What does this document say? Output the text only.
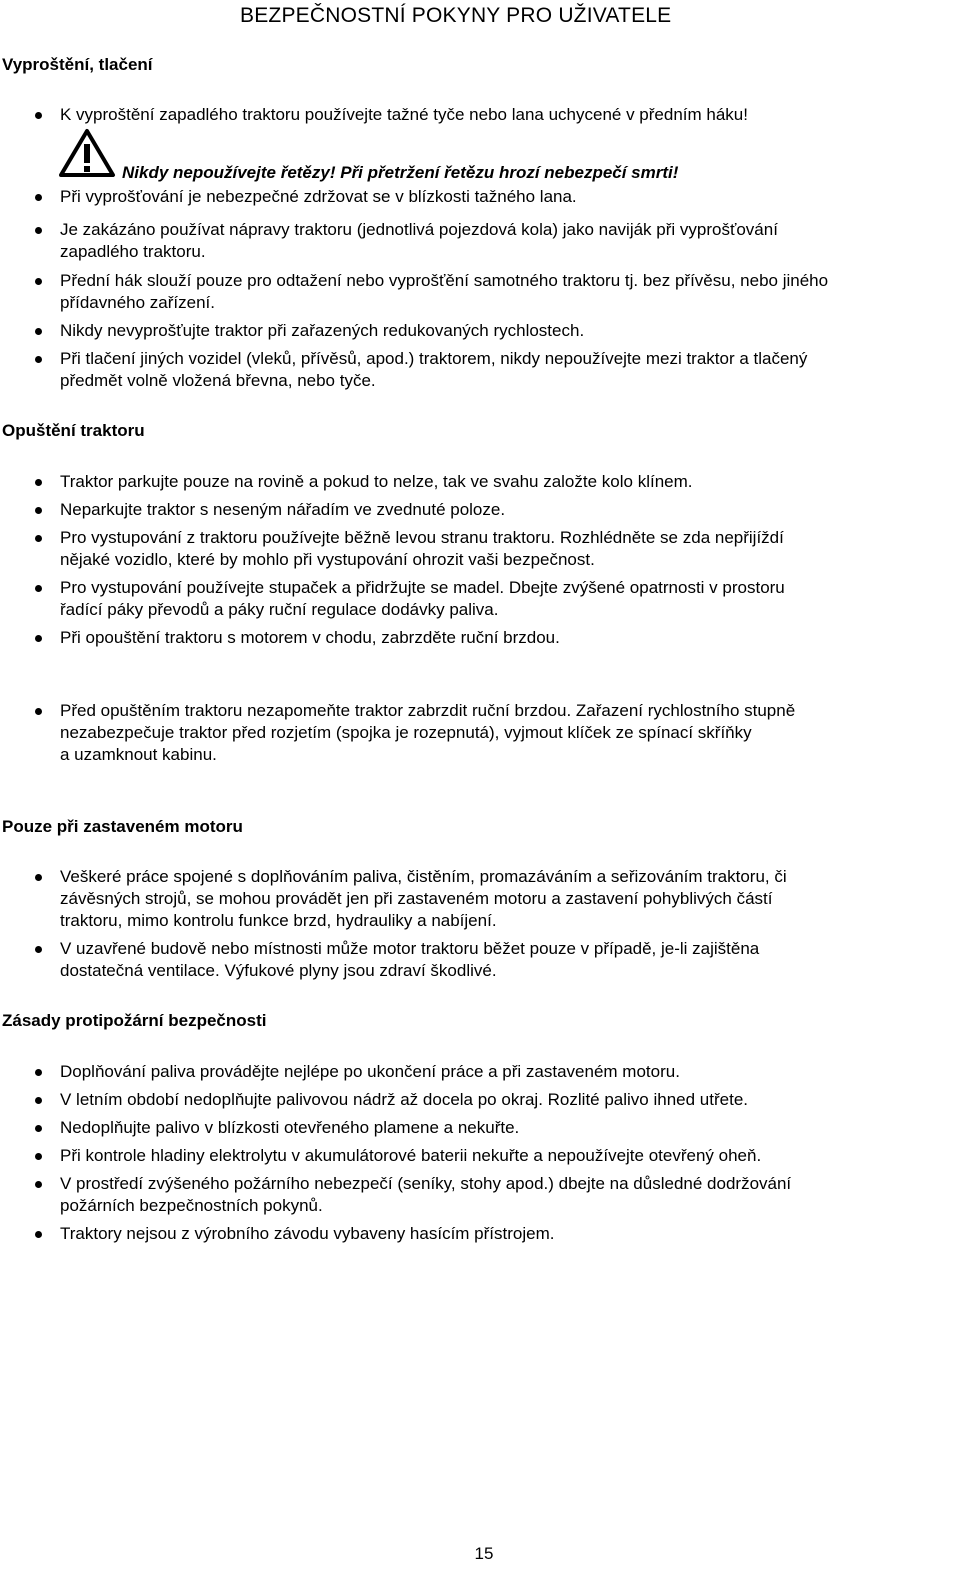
BEZPEČNOSTNÍ POKYNY PRO UŽIVATELE
Vyproštění, tlačení
K vyproštění zapadlého traktoru používejte tažné tyče nebo lana uchycené v předním háku!
Nikdy nepoužívejte řetězy! Při přetržení řetězu hrozí nebezpečí smrti!
Při vyprošťování je nebezpečné zdržovat se v blízkosti tažného lana.
Je zakázáno používat nápravy traktoru (jednotlivá pojezdová kola) jako naviják při vyprošťování
zapadlého traktoru.
Přední hák slouží pouze pro odtažení nebo vyprošťění samotného traktoru tj. bez přívěsu, nebo jiného
přídavného zařízení.
Nikdy nevyprošťujte traktor při zařazených redukovaných rychlostech.
Při tlačení jiných vozidel (vleků, přívěsů, apod.) traktorem, nikdy nepoužívejte mezi traktor a tlačený
předmět volně vložená břevna, nebo tyče.
Opuštění traktoru
Traktor parkujte pouze na rovině a pokud to nelze, tak ve svahu založte kolo klínem.
Neparkujte traktor s neseným nářadím ve zvednuté poloze.
Pro vystupování z traktoru používejte běžně levou stranu traktoru. Rozhlédněte se zda nepřijíždí
nějaké vozidlo, které by mohlo při vystupování ohrozit vaši bezpečnost.
Pro vystupování používejte stupaček a přidržujte se madel. Dbejte zvýšené opatrnosti v prostoru
řadící páky převodů a páky ruční regulace dodávky paliva.
Při opouštění traktoru s motorem v chodu, zabrzděte ruční brzdou.
Před opuštěním traktoru nezapomeňte traktor zabrzdit ruční brzdou. Zařazení rychlostního stupně
nezabezpečuje traktor před rozjetím (spojka je rozepnutá), vyjmout klíček ze spínací skříňky
a uzamknout kabinu.
Pouze při zastaveném motoru
Veškeré práce spojené s doplňováním paliva, čistěním, promazáváním a seřizováním traktoru, či
závěsných strojů, se mohou provádět jen při zastaveném motoru a zastavení pohyblivých částí
traktoru, mimo kontrolu funkce brzd, hydrauliky a nabíjení.
V uzavřené budově nebo místnosti může motor traktoru běžet pouze v případě, je-li zajištěna
dostatečná ventilace. Výfukové plyny jsou zdraví škodlivé.
Zásady protipožární bezpečnosti
Doplňování paliva provádějte nejlépe po ukončení práce a při zastaveném motoru.
V letním období nedoplňujte palivovou nádrž až docela po okraj. Rozlité palivo ihned utřete.
Nedoplňujte palivo v blízkosti otevřeného plamene a nekuřte.
Při kontrole hladiny elektrolytu v akumulátorové baterii nekuřte a nepoužívejte otevřený oheň.
V prostředí zvýšeného požárního nebezpečí (seníky, stohy apod.) dbejte na důsledné dodržování
požárních bezpečnostních pokynů.
Traktory nejsou z výrobního závodu vybaveny hasícím přístrojem.
15
